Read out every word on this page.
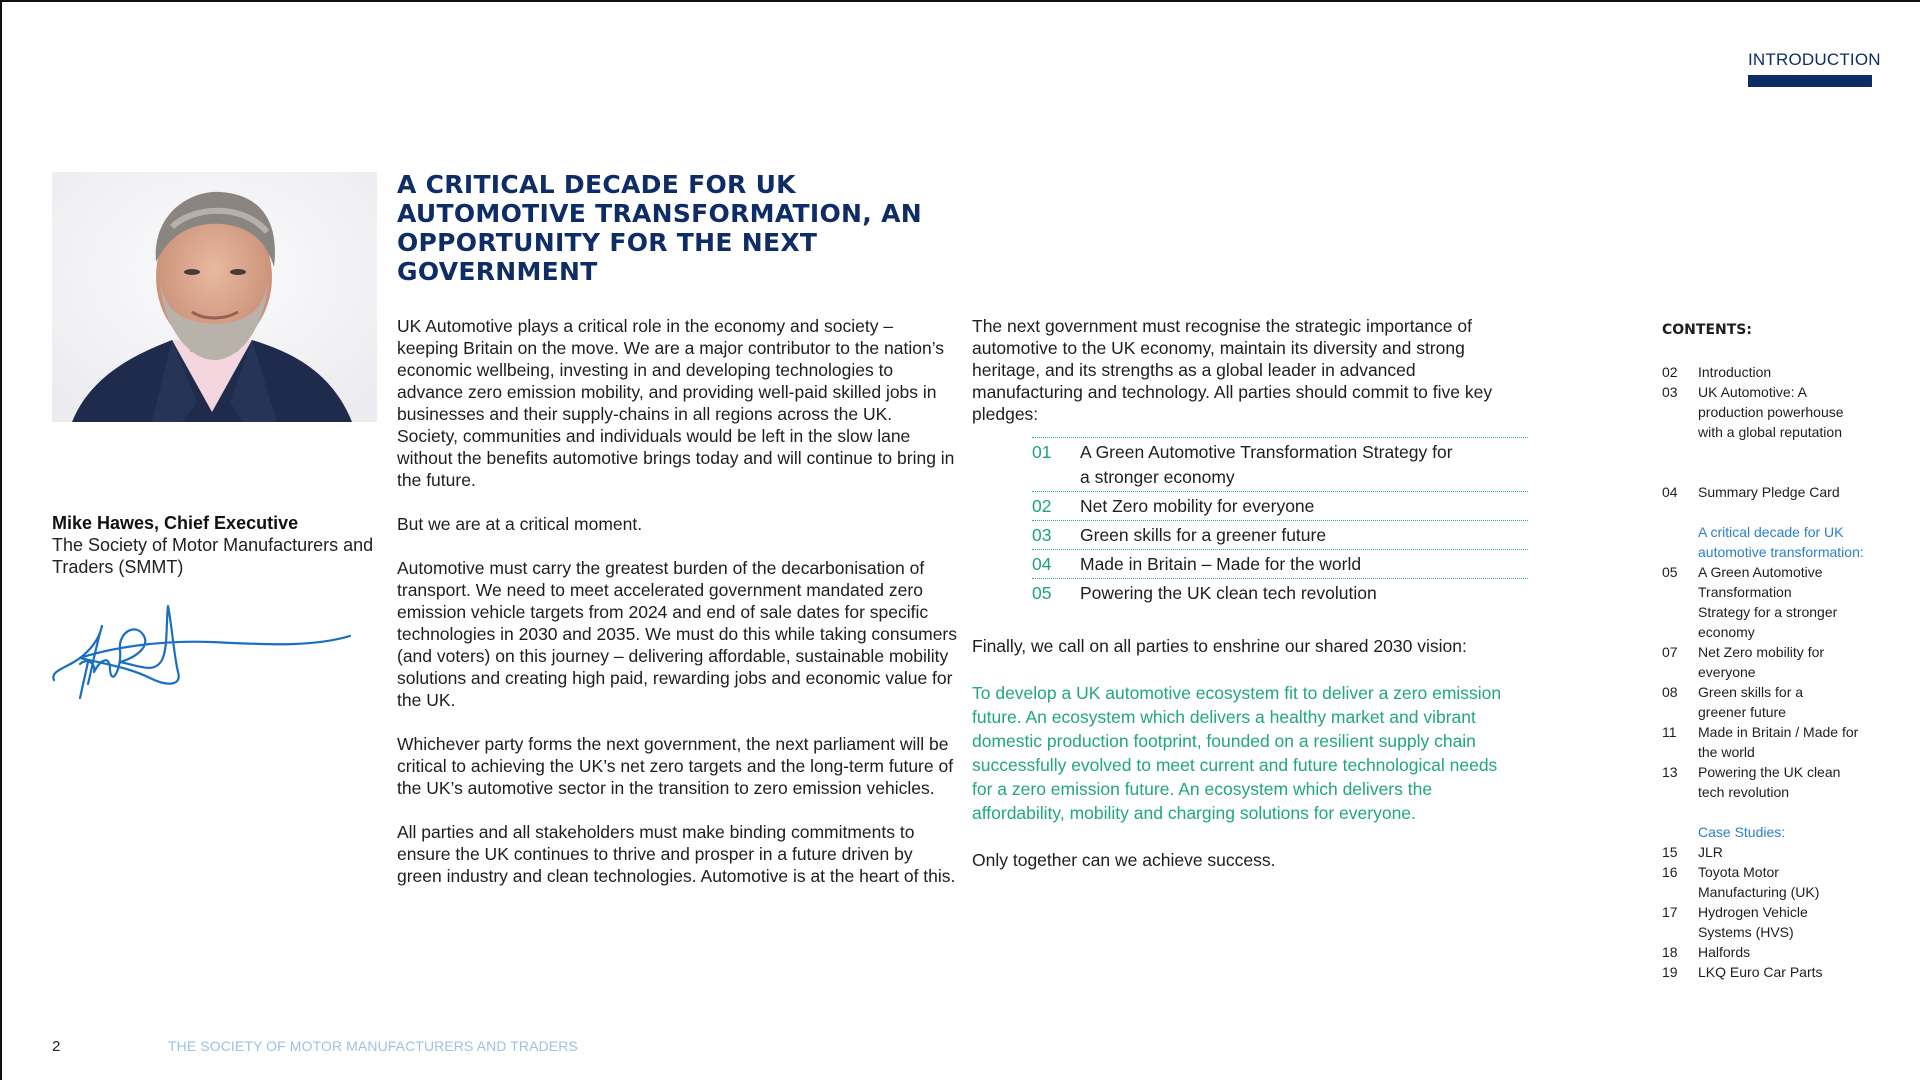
INTRODUCTION
Mike Hawes, Chief Executive
The Society of Motor Manufacturers and Traders (SMMT)
A CRITICAL DECADE FOR UK AUTOMOTIVE TRANSFORMATION, AN OPPORTUNITY FOR THE NEXT GOVERNMENT

UK Automotive plays a critical role in the economy and society – keeping Britain on the move. We are a major contributor to the nation’s economic wellbeing, investing in and developing technologies to advance zero emission mobility, and providing well-paid skilled jobs in businesses and their supply-chains in all regions across the UK. Society, communities and individuals would be left in the slow lane without the benefits automotive brings today and will continue to bring in the future.

But we are at a critical moment.

Automotive must carry the greatest burden of the decarbonisation of transport. We need to meet accelerated government mandated zero emission vehicle targets from 2024 and end of sale dates for specific technologies in 2030 and 2035. We must do this while taking consumers (and voters) on this journey – delivering affordable, sustainable mobility solutions and creating high paid, rewarding jobs and economic value for the UK.

Whichever party forms the next government, the next parliament will be critical to achieving the UK’s net zero targets and the long-term future of the UK’s automotive sector in the transition to zero emission vehicles.

All parties and all stakeholders must make binding commitments to ensure the UK continues to thrive and prosper in a future driven by green industry and clean technologies. Automotive is at the heart of this.

The next government must recognise the strategic importance of automotive to the UK economy, maintain its diversity and strong heritage, and its strengths as a global leader in advanced manufacturing and technology. All parties should commit to five key pledges:

01	A Green Automotive Transformation Strategy for a stronger economy
02	Net Zero mobility for everyone
03	Green skills for a greener future
04	Made in Britain – Made for the world
05	Powering the UK clean tech revolution

Finally, we call on all parties to enshrine our shared 2030 vision:

To develop a UK automotive ecosystem fit to deliver a zero emission future. An ecosystem which delivers a healthy market and vibrant domestic production footprint, founded on a resilient supply chain successfully evolved to meet current and future technological needs for a zero emission future. An ecosystem which delivers the affordability, mobility and charging solutions for everyone.

Only together can we achieve success.

CONTENTS:
02	Introduction
03	UK Automotive: A production powerhouse with a global reputation
04	Summary Pledge Card
A critical decade for UK automotive transformation:
05	A Green Automotive Transformation Strategy for a stronger economy
07	Net Zero mobility for everyone
08	Green skills for a greener future
11	Made in Britain / Made for the world
13	Powering the UK clean tech revolution
Case Studies:
15	JLR
16	Toyota Motor Manufacturing (UK)
17	Hydrogen Vehicle Systems (HVS)
18	Halfords
19	LKQ Euro Car Parts
2	THE SOCIETY OF MOTOR MANUFACTURERS AND TRADERS
